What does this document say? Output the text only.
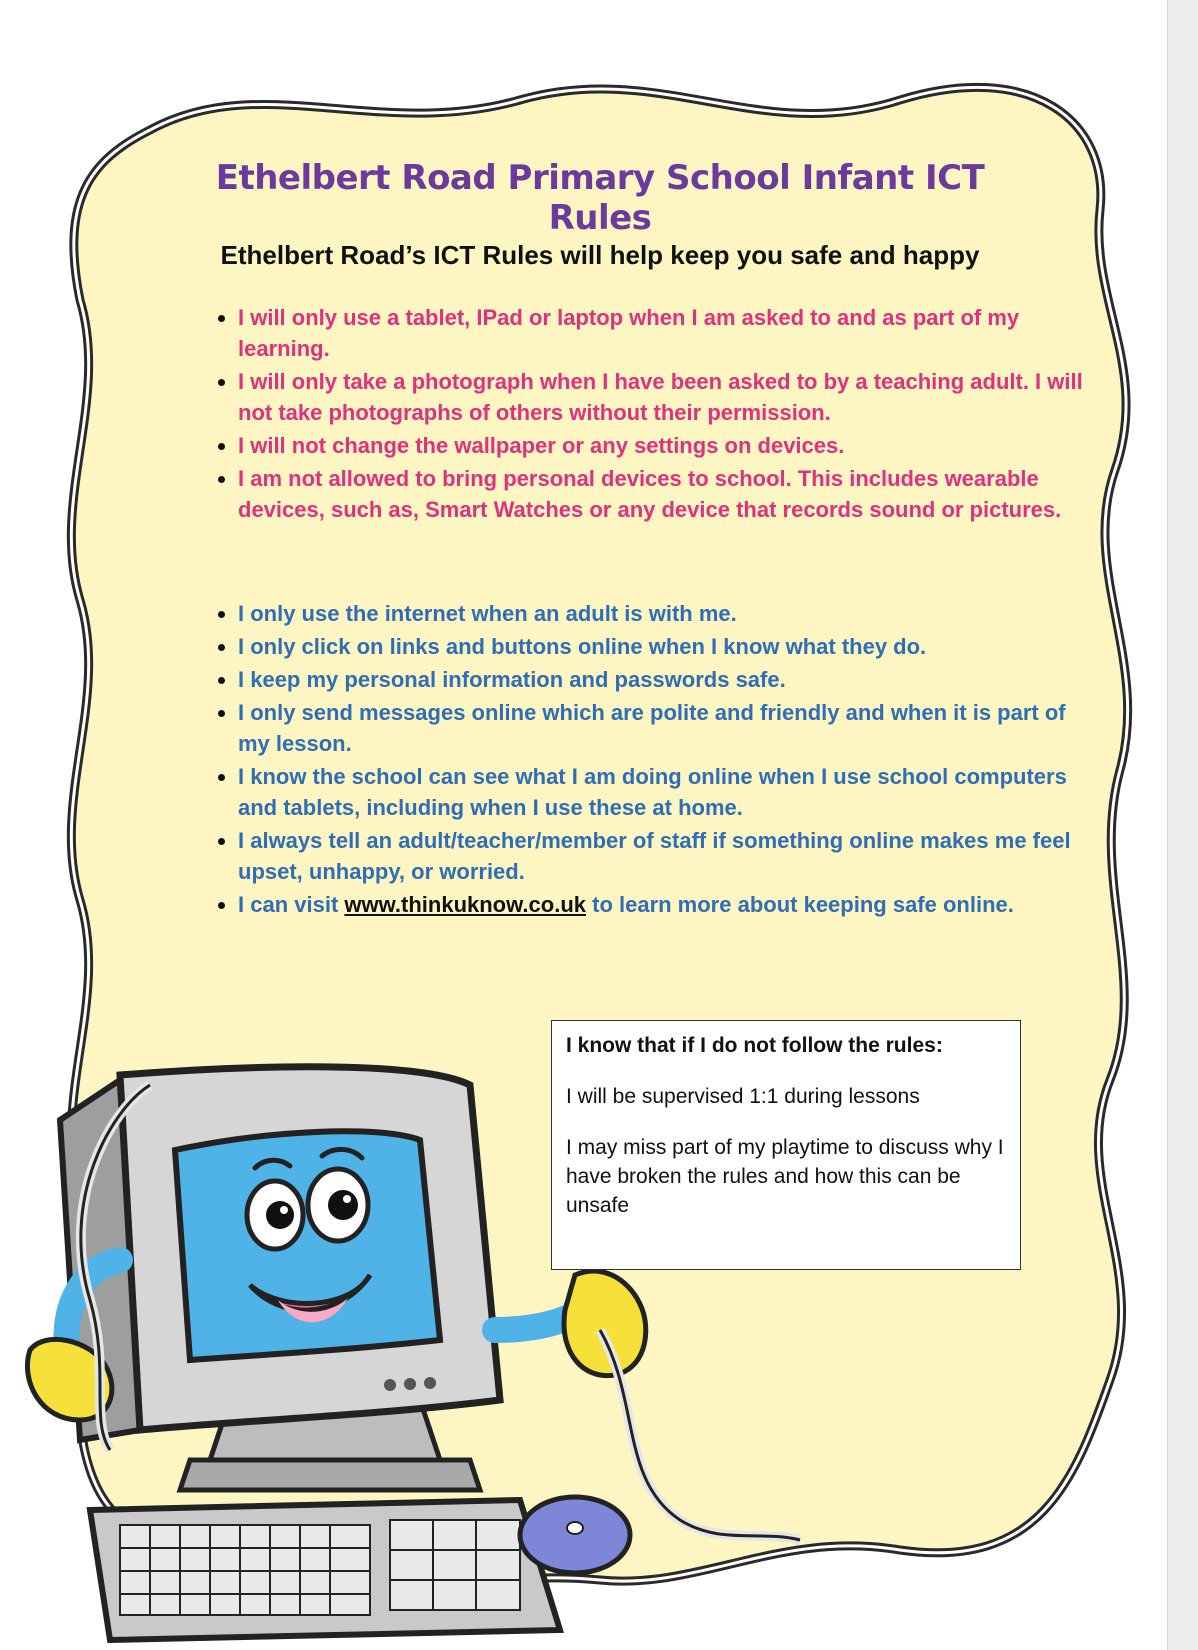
Ethelbert Road Primary School Infant ICT Rules
Ethelbert Road’s ICT Rules will help keep you safe and happy
• I will only use a tablet, IPad or laptop when I am asked to and as part of my learning.
• I will only take a photograph when I have been asked to by a teaching adult. I will not take photographs of others without their permission.
• I will not change the wallpaper or any settings on devices.
• I am not allowed to bring personal devices to school. This includes wearable devices, such as, Smart Watches or any device that records sound or pictures.
• I only use the internet when an adult is with me.
• I only click on links and buttons online when I know what they do.
• I keep my personal information and passwords safe.
• I only send messages online which are polite and friendly and when it is part of my lesson.
• I know the school can see what I am doing online when I use school computers and tablets, including when I use these at home.
• I always tell an adult/teacher/member of staff if something online makes me feel upset, unhappy, or worried.
• I can visit www.thinkuknow.co.uk to learn more about keeping safe online.
I know that if I do not follow the rules:

I will be supervised 1:1 during lessons

I may miss part of my playtime to discuss why I have broken the rules and how this can be unsafe
